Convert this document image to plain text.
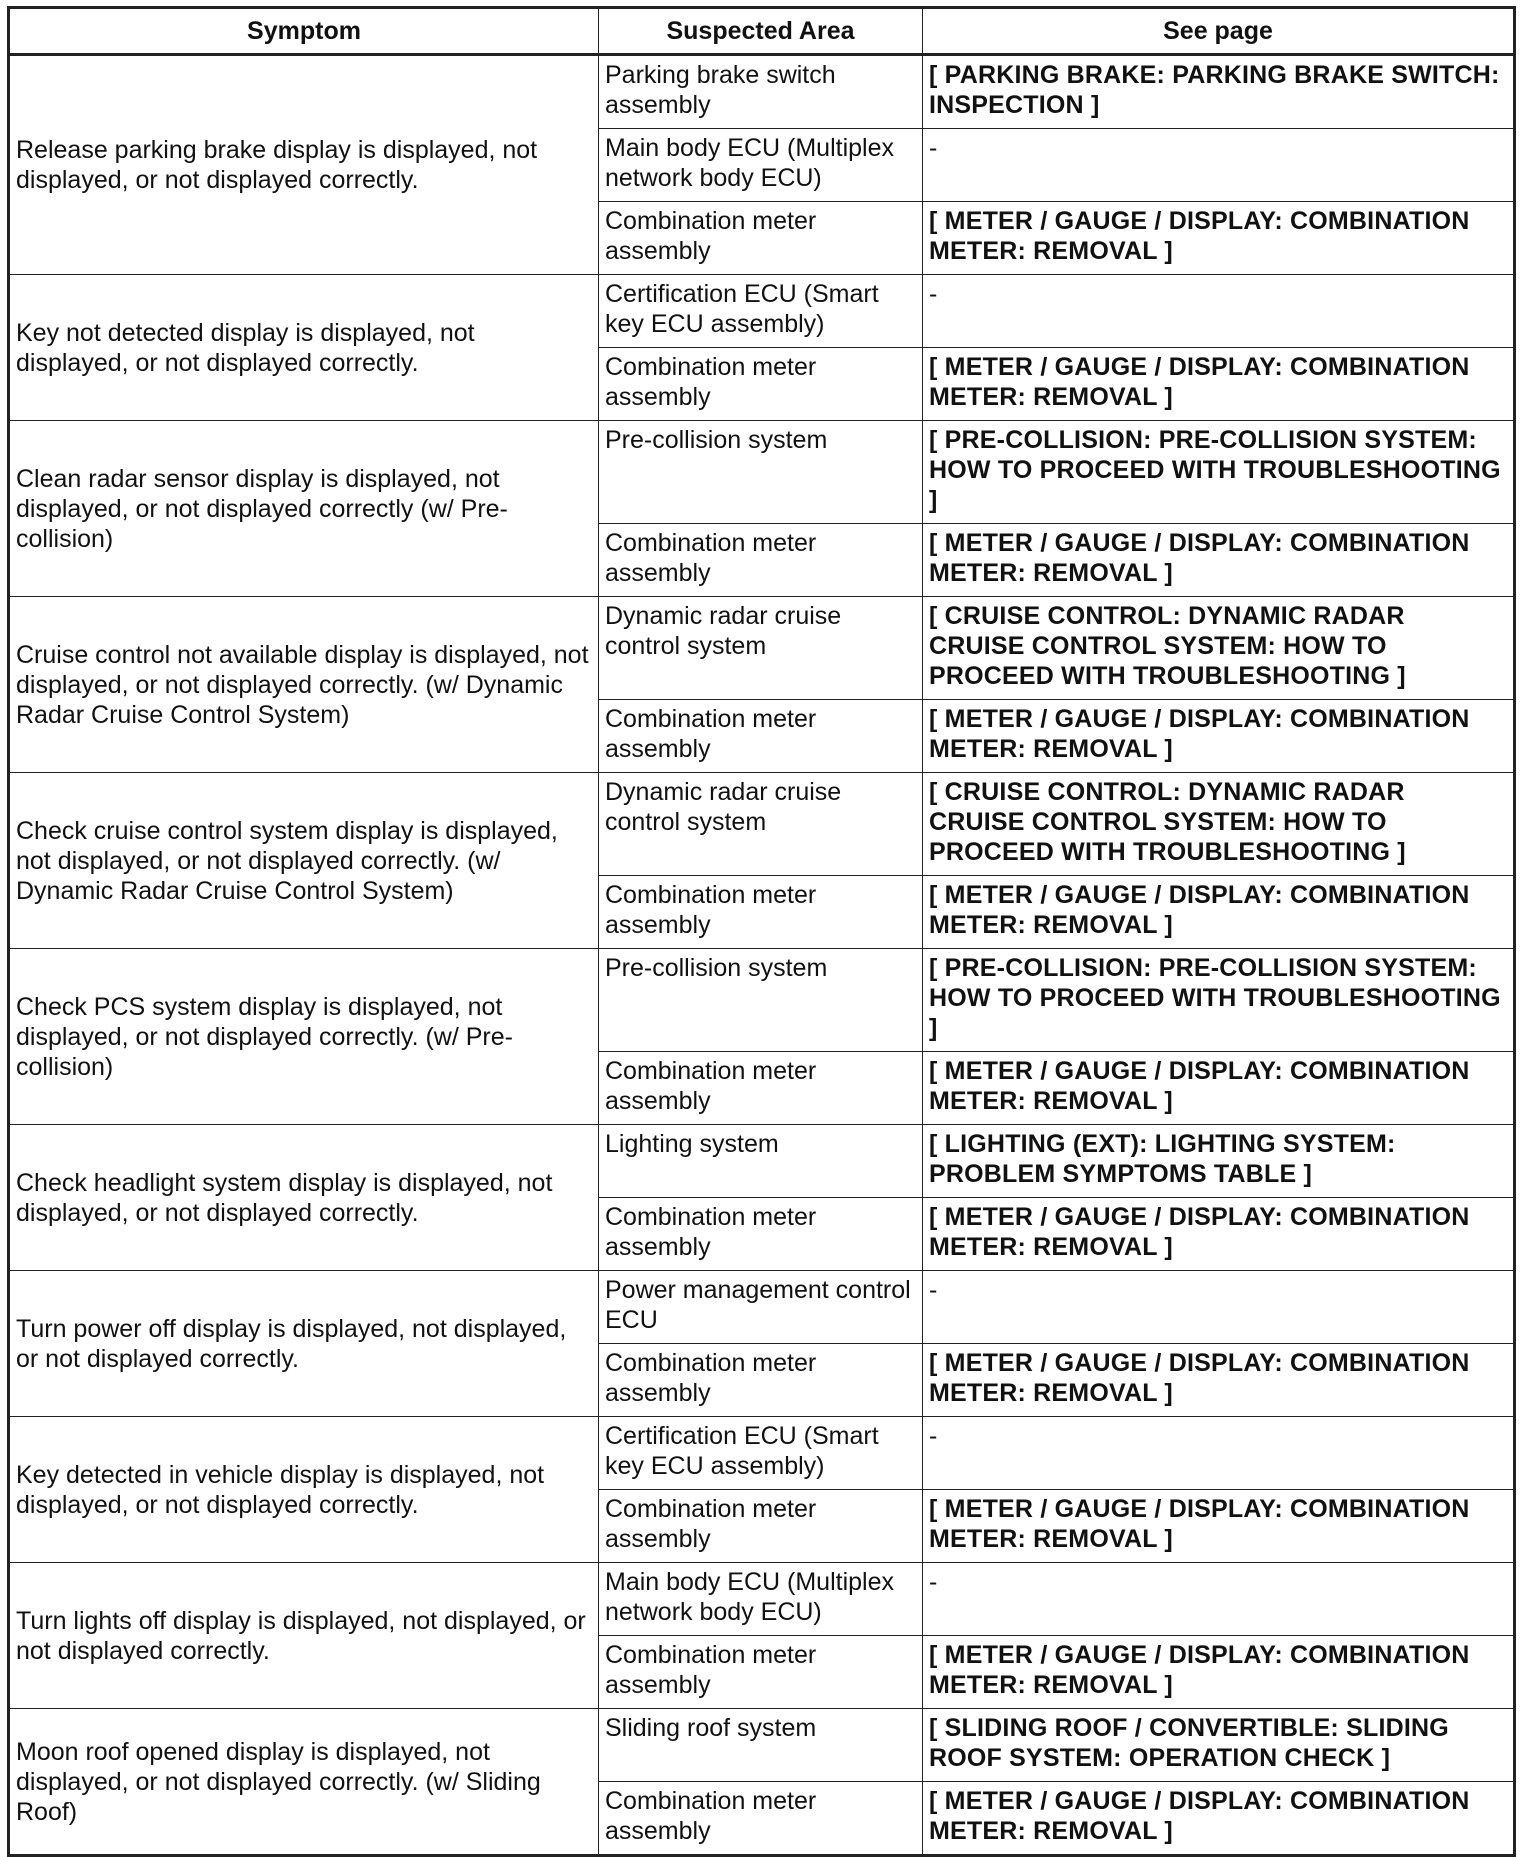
Symptom	Suspected Area	See page
Release parking brake display is displayed, not displayed, or not displayed correctly.	Parking brake switch assembly	[ PARKING BRAKE: PARKING BRAKE SWITCH: INSPECTION ]
	Main body ECU (Multiplex network body ECU)	-
	Combination meter assembly	[ METER / GAUGE / DISPLAY: COMBINATION METER: REMOVAL ]
Key not detected display is displayed, not displayed, or not displayed correctly.	Certification ECU (Smart key ECU assembly)	-
	Combination meter assembly	[ METER / GAUGE / DISPLAY: COMBINATION METER: REMOVAL ]
Clean radar sensor display is displayed, not displayed, or not displayed correctly (w/ Pre-collision)	Pre-collision system	[ PRE-COLLISION: PRE-COLLISION SYSTEM: HOW TO PROCEED WITH TROUBLESHOOTING ]
	Combination meter assembly	[ METER / GAUGE / DISPLAY: COMBINATION METER: REMOVAL ]
Cruise control not available display is displayed, not displayed, or not displayed correctly. (w/ Dynamic Radar Cruise Control System)	Dynamic radar cruise control system	[ CRUISE CONTROL: DYNAMIC RADAR CRUISE CONTROL SYSTEM: HOW TO PROCEED WITH TROUBLESHOOTING ]
	Combination meter assembly	[ METER / GAUGE / DISPLAY: COMBINATION METER: REMOVAL ]
Check cruise control system display is displayed, not displayed, or not displayed correctly. (w/ Dynamic Radar Cruise Control System)	Dynamic radar cruise control system	[ CRUISE CONTROL: DYNAMIC RADAR CRUISE CONTROL SYSTEM: HOW TO PROCEED WITH TROUBLESHOOTING ]
	Combination meter assembly	[ METER / GAUGE / DISPLAY: COMBINATION METER: REMOVAL ]
Check PCS system display is displayed, not displayed, or not displayed correctly. (w/ Pre-collision)	Pre-collision system	[ PRE-COLLISION: PRE-COLLISION SYSTEM: HOW TO PROCEED WITH TROUBLESHOOTING ]
	Combination meter assembly	[ METER / GAUGE / DISPLAY: COMBINATION METER: REMOVAL ]
Check headlight system display is displayed, not displayed, or not displayed correctly.	Lighting system	[ LIGHTING (EXT): LIGHTING SYSTEM: PROBLEM SYMPTOMS TABLE ]
	Combination meter assembly	[ METER / GAUGE / DISPLAY: COMBINATION METER: REMOVAL ]
Turn power off display is displayed, not displayed, or not displayed correctly.	Power management control ECU	-
	Combination meter assembly	[ METER / GAUGE / DISPLAY: COMBINATION METER: REMOVAL ]
Key detected in vehicle display is displayed, not displayed, or not displayed correctly.	Certification ECU (Smart key ECU assembly)	-
	Combination meter assembly	[ METER / GAUGE / DISPLAY: COMBINATION METER: REMOVAL ]
Turn lights off display is displayed, not displayed, or not displayed correctly.	Main body ECU (Multiplex network body ECU)	-
	Combination meter assembly	[ METER / GAUGE / DISPLAY: COMBINATION METER: REMOVAL ]
Moon roof opened display is displayed, not displayed, or not displayed correctly. (w/ Sliding Roof)	Sliding roof system	[ SLIDING ROOF / CONVERTIBLE: SLIDING ROOF SYSTEM: OPERATION CHECK ]
	Combination meter assembly	[ METER / GAUGE / DISPLAY: COMBINATION METER: REMOVAL ]
